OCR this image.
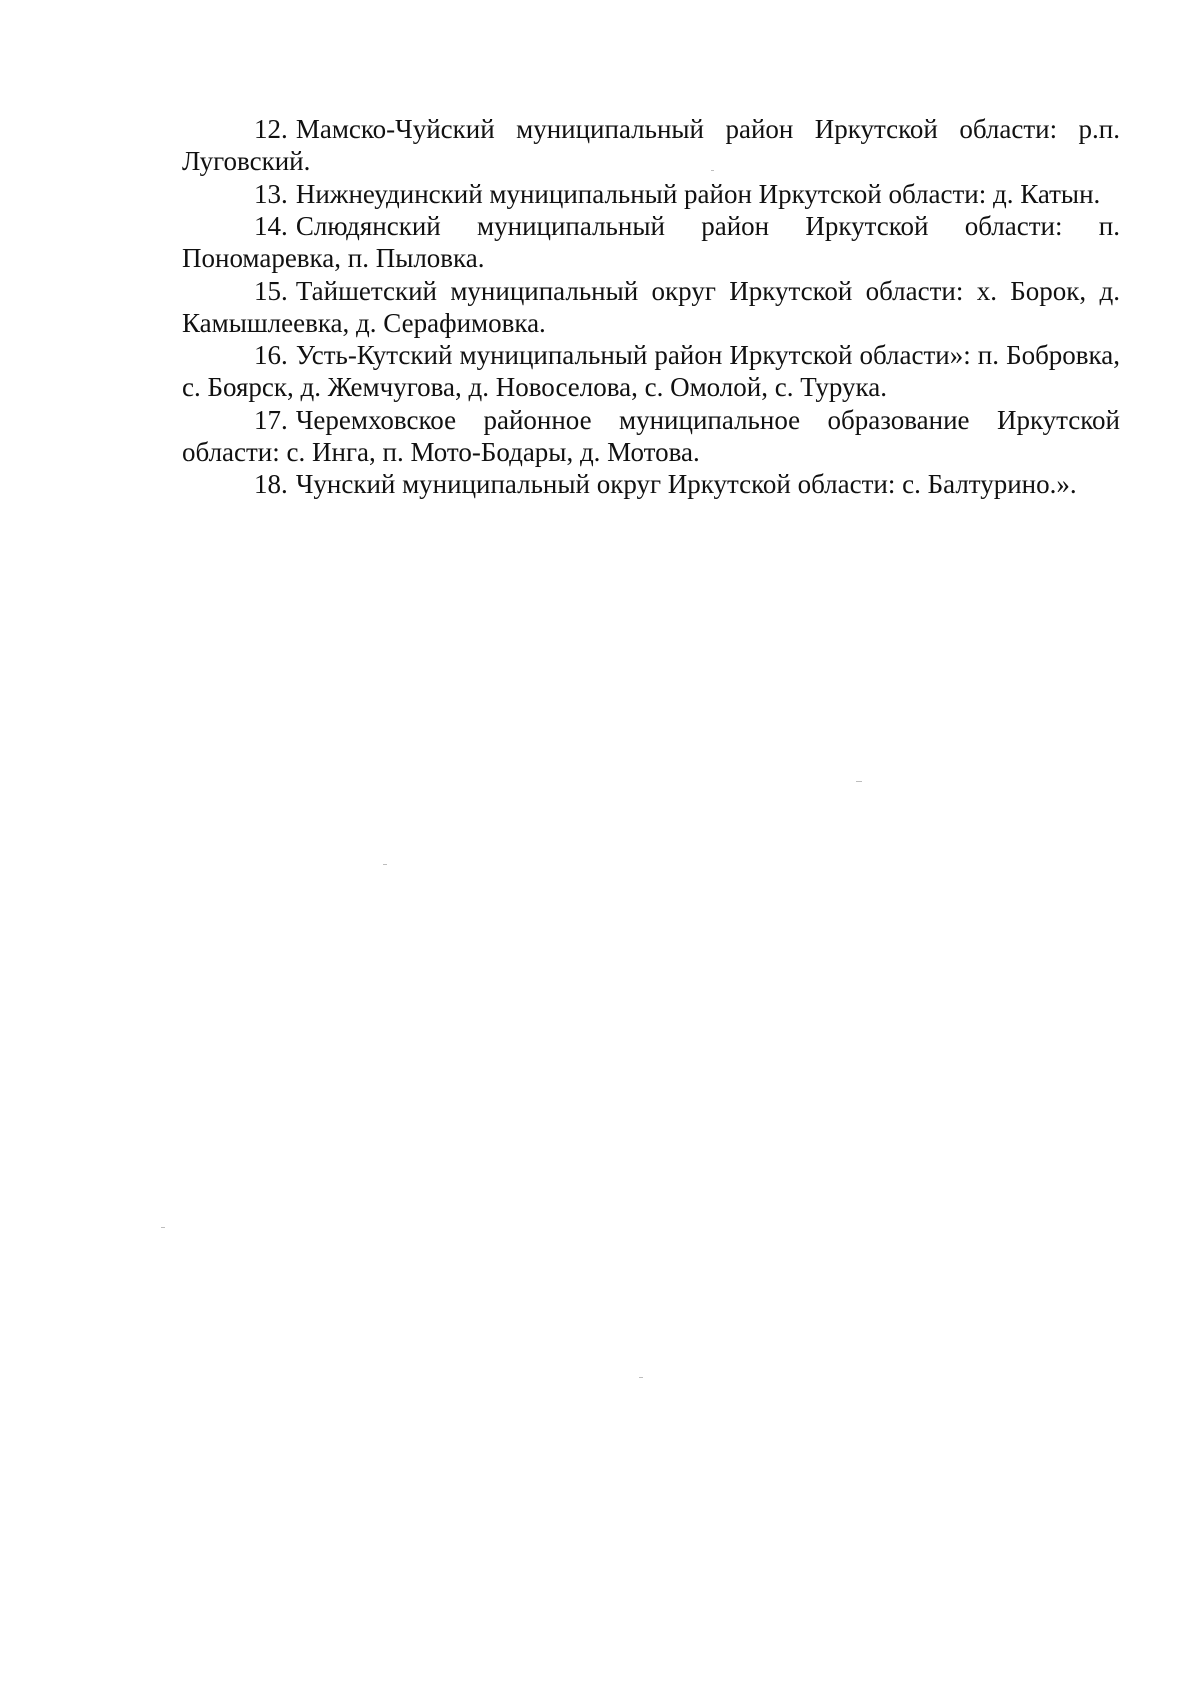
12. Мамско-Чуйский муниципальный район Иркутской области: р.п. Луговский.

13. Нижнеудинский муниципальный район Иркутской области: д. Катын.

14. Слюдянский муниципальный район Иркутской области: п. Пономаревка, п. Пыловка.

15. Тайшетский муниципальный округ Иркутской области: х. Борок, д. Камышлеевка, д. Серафимовка.

16. Усть-Кутский муниципальный район Иркутской области»: п. Бобровка, с. Боярск, д. Жемчугова, д. Новоселова, с. Омолой, с. Турука.

17. Черемховское районное муниципальное образование Иркутской области: с. Инга, п. Мото-Бодары, д. Мотова.

18. Чунский муниципальный округ Иркутской области: с. Балтурино.».
